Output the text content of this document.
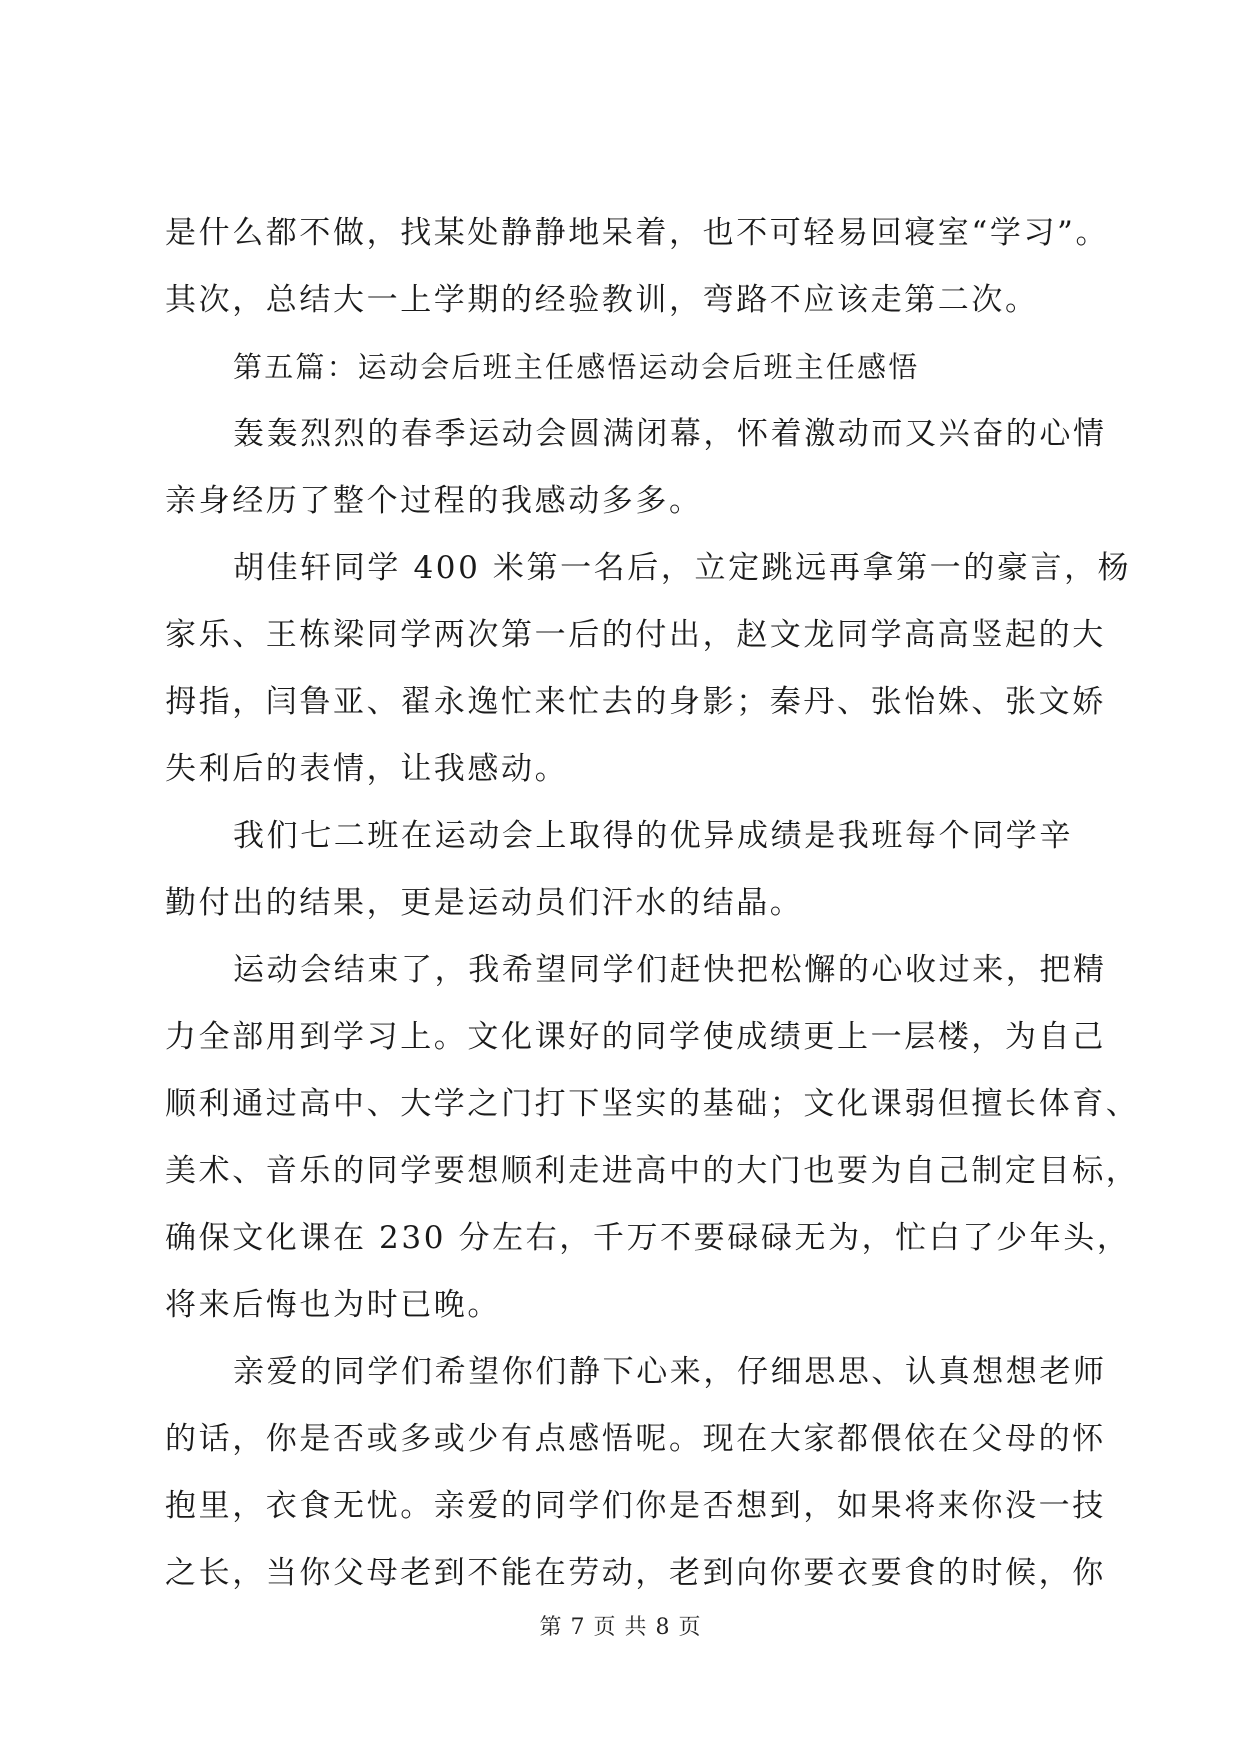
是什么都不做，找某处静静地呆着，也不可轻易回寝室“学习”。
其次，总结大一上学期的经验教训，弯路不应该走第二次。
第五篇：运动会后班主任感悟运动会后班主任感悟
轰轰烈烈的春季运动会圆满闭幕，怀着激动而又兴奋的心情
亲身经历了整个过程的我感动多多。
胡佳轩同学 400 米第一名后，立定跳远再拿第一的豪言，杨
家乐、王栋梁同学两次第一后的付出，赵文龙同学高高竖起的大
拇指，闫鲁亚、翟永逸忙来忙去的身影；秦丹、张怡姝、张文娇
失利后的表情，让我感动。
我们七二班在运动会上取得的优异成绩是我班每个同学辛
勤付出的结果，更是运动员们汗水的结晶。
运动会结束了，我希望同学们赶快把松懈的心收过来，把精
力全部用到学习上。文化课好的同学使成绩更上一层楼，为自己
顺利通过高中、大学之门打下坚实的基础；文化课弱但擅长体育、
美术、音乐的同学要想顺利走进高中的大门也要为自己制定目标，
确保文化课在 230 分左右，千万不要碌碌无为，忙白了少年头，
将来后悔也为时已晚。
亲爱的同学们希望你们静下心来，仔细思思、认真想想老师
的话，你是否或多或少有点感悟呢。现在大家都偎依在父母的怀
抱里，衣食无忧。亲爱的同学们你是否想到，如果将来你没一技
之长，当你父母老到不能在劳动，老到向你要衣要食的时候，你
第 7 页 共 8 页
